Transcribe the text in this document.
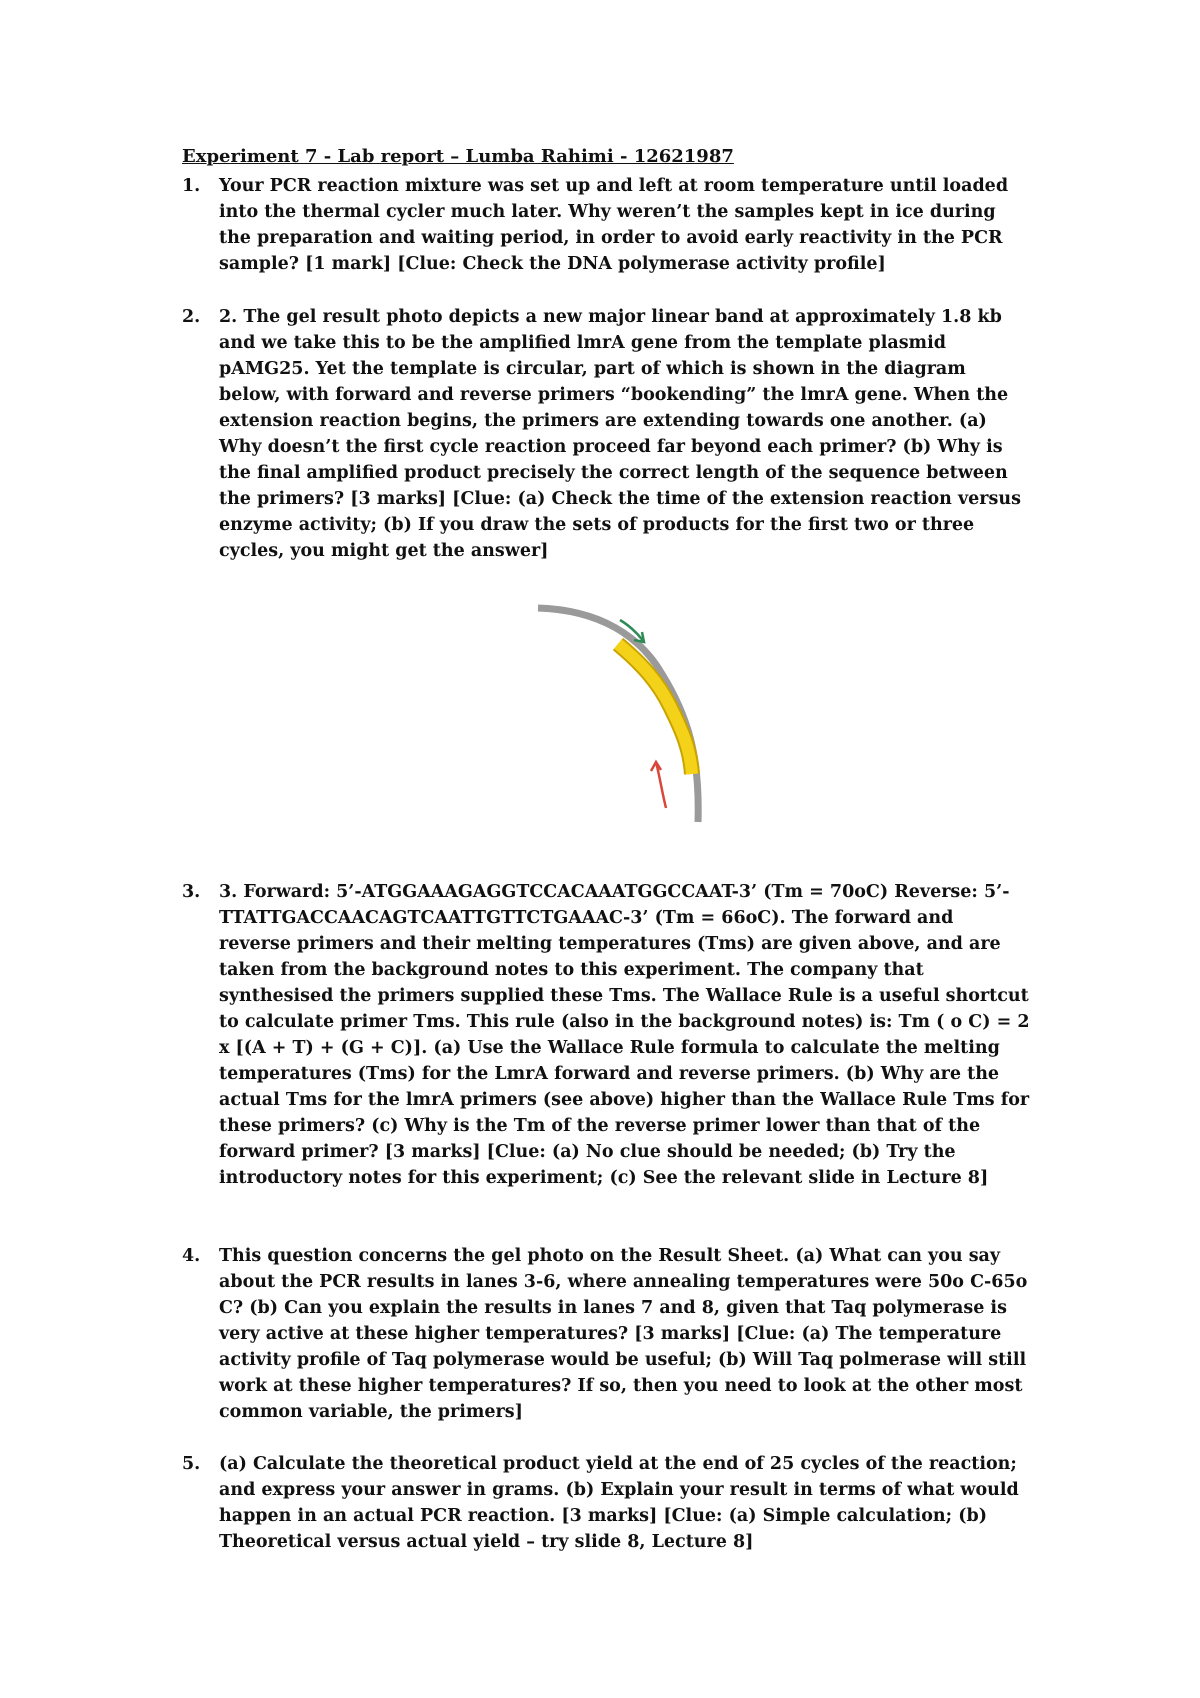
Experiment 7 - Lab report – Lumba Rahimi - 12621987
1.	Your PCR reaction mixture was set up and left at room temperature until loaded into the thermal cycler much later. Why weren’t the samples kept in ice during the preparation and waiting period, in order to avoid early reactivity in the PCR sample? [1 mark] [Clue: Check the DNA polymerase activity profile]
2.	2. The gel result photo depicts a new major linear band at approximately 1.8 kb and we take this to be the amplified lmrA gene from the template plasmid pAMG25. Yet the template is circular, part of which is shown in the diagram below, with forward and reverse primers “bookending” the lmrA gene. When the extension reaction begins, the primers are extending towards one another. (a) Why doesn’t the first cycle reaction proceed far beyond each primer? (b) Why is the final amplified product precisely the correct length of the sequence between the primers? [3 marks] [Clue: (a) Check the time of the extension reaction versus enzyme activity; (b) If you draw the sets of products for the first two or three cycles, you might get the answer]
3.	3. Forward: 5’-ATGGAAAGAGGTCCACAAATGGCCAAT-3’ (Tm = 70oC) Reverse: 5’-TTATTGACCAACAGTCAATTGTTCTGAAAC-3’ (Tm = 66oC). The forward and reverse primers and their melting temperatures (Tms) are given above, and are taken from the background notes to this experiment. The company that synthesised the primers supplied these Tms. The Wallace Rule is a useful shortcut to calculate primer Tms. This rule (also in the background notes) is: Tm ( o C) = 2 x [(A + T) + (G + C)]. (a) Use the Wallace Rule formula to calculate the melting temperatures (Tms) for the LmrA forward and reverse primers. (b) Why are the actual Tms for the lmrA primers (see above) higher than the Wallace Rule Tms for these primers? (c) Why is the Tm of the reverse primer lower than that of the forward primer? [3 marks] [Clue: (a) No clue should be needed; (b) Try the introductory notes for this experiment; (c) See the relevant slide in Lecture 8]
4.	This question concerns the gel photo on the Result Sheet. (a) What can you say about the PCR results in lanes 3-6, where annealing temperatures were 50o C-65o C? (b) Can you explain the results in lanes 7 and 8, given that Taq polymerase is very active at these higher temperatures? [3 marks] [Clue: (a) The temperature activity profile of Taq polymerase would be useful; (b) Will Taq polmerase will still work at these higher temperatures? If so, then you need to look at the other most common variable, the primers]
5.	(a) Calculate the theoretical product yield at the end of 25 cycles of the reaction; and express your answer in grams. (b) Explain your result in terms of what would happen in an actual PCR reaction. [3 marks] [Clue: (a) Simple calculation; (b) Theoretical versus actual yield – try slide 8, Lecture 8]
